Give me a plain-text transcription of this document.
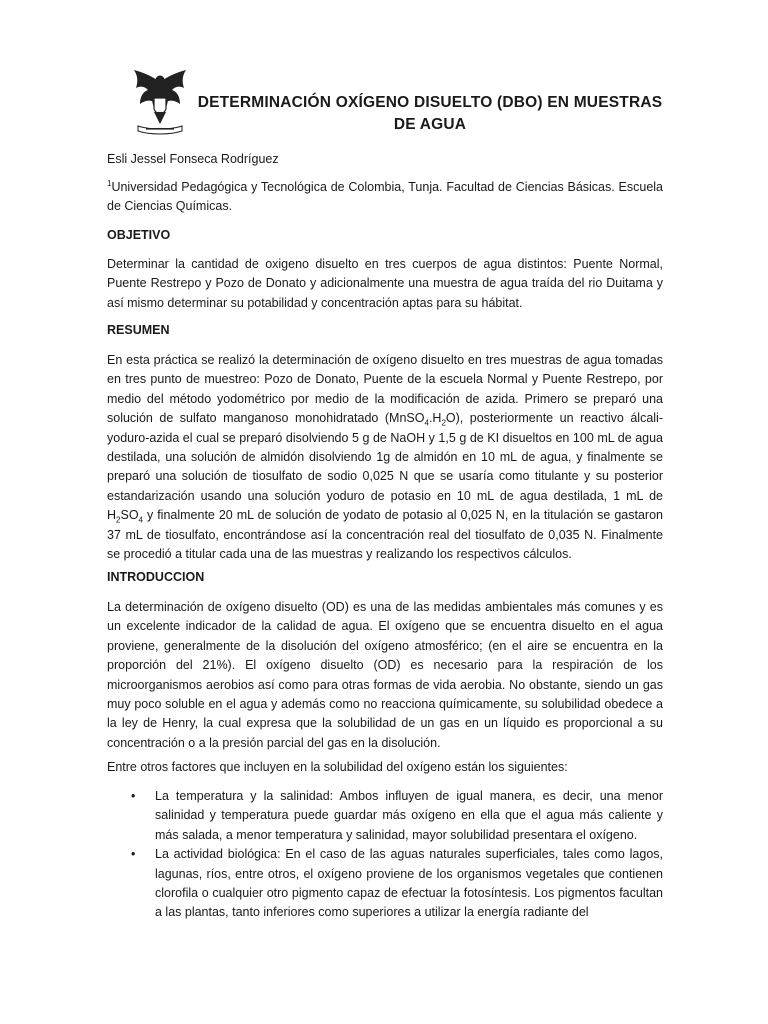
DETERMINACIÓN OXÍGENO DISUELTO (DBO) EN MUESTRAS DE AGUA
Esli Jessel Fonseca Rodríguez
$^1$Universidad Pedagógica y Tecnológica de Colombia, Tunja. Facultad de Ciencias Básicas. Escuela de Ciencias Químicas.
OBJETIVO
Determinar la cantidad de oxigeno disuelto en tres cuerpos de agua distintos: Puente Normal, Puente Restrepo y Pozo de Donato y adicionalmente una muestra de agua traída del rio Duitama y así mismo determinar su potabilidad y concentración aptas para su hábitat.
RESUMEN
En esta práctica se realizó la determinación de oxígeno disuelto en tres muestras de agua tomadas en tres punto de muestreo: Pozo de Donato, Puente de la escuela Normal y Puente Restrepo, por medio del método yodométrico por medio de la modificación de azida. Primero se preparó una solución de sulfato manganoso monohidratado $(MnSO_4.H_2O)$, posteriormente un reactivo álcali-yoduro-azida el cual se preparó disolviendo 5 g de NaOH y 1,5 g de KI disueltos en 100 mL de agua destilada, una solución de almidón disolviendo 1g de almidón en 10 mL de agua, y finalmente se preparó una solución de tiosulfato de sodio 0,025 N que se usaría como titulante y su posterior estandarización usando una solución yoduro de potasio en 10 mL de agua destilada, 1 mL de $H_2SO_4$ y finalmente 20 mL de solución de yodato de potasio al 0,025 N, en la titulación se gastaron 37 mL de tiosulfato, encontrándose así la concentración real del tiosulfato de 0,035 N. Finalmente se procedió a titular cada una de las muestras y realizando los respectivos cálculos.
INTRODUCCION
La determinación de oxígeno disuelto (OD) es una de las medidas ambientales más comunes y es un excelente indicador de la calidad de agua. El oxígeno que se encuentra disuelto en el agua proviene, generalmente de la disolución del oxígeno atmosférico; (en el aire se encuentra en la proporción del 21%). El oxígeno disuelto (OD) es necesario para la respiración de los microorganismos aerobios así como para otras formas de vida aerobia. No obstante, siendo un gas muy poco soluble en el agua y además como no reacciona químicamente, su solubilidad obedece a la ley de Henry, la cual expresa que la solubilidad de un gas en un líquido es proporcional a su concentración o a la presión parcial del gas en la disolución.
Entre otros factores que incluyen en la solubilidad del oxígeno están los siguientes:
• La temperatura y la salinidad: Ambos influyen de igual manera, es decir, una menor salinidad y temperatura puede guardar más oxígeno en ella que el agua más caliente y más salada, a menor temperatura y salinidad, mayor solubilidad presentara el oxígeno.
• La actividad biológica: En el caso de las aguas naturales superficiales, tales como lagos, lagunas, ríos, entre otros, el oxígeno proviene de los organismos vegetales que contienen clorofila o cualquier otro pigmento capaz de efectuar la fotosíntesis. Los pigmentos facultan a las plantas, tanto inferiores como superiores a utilizar la energía radiante del
